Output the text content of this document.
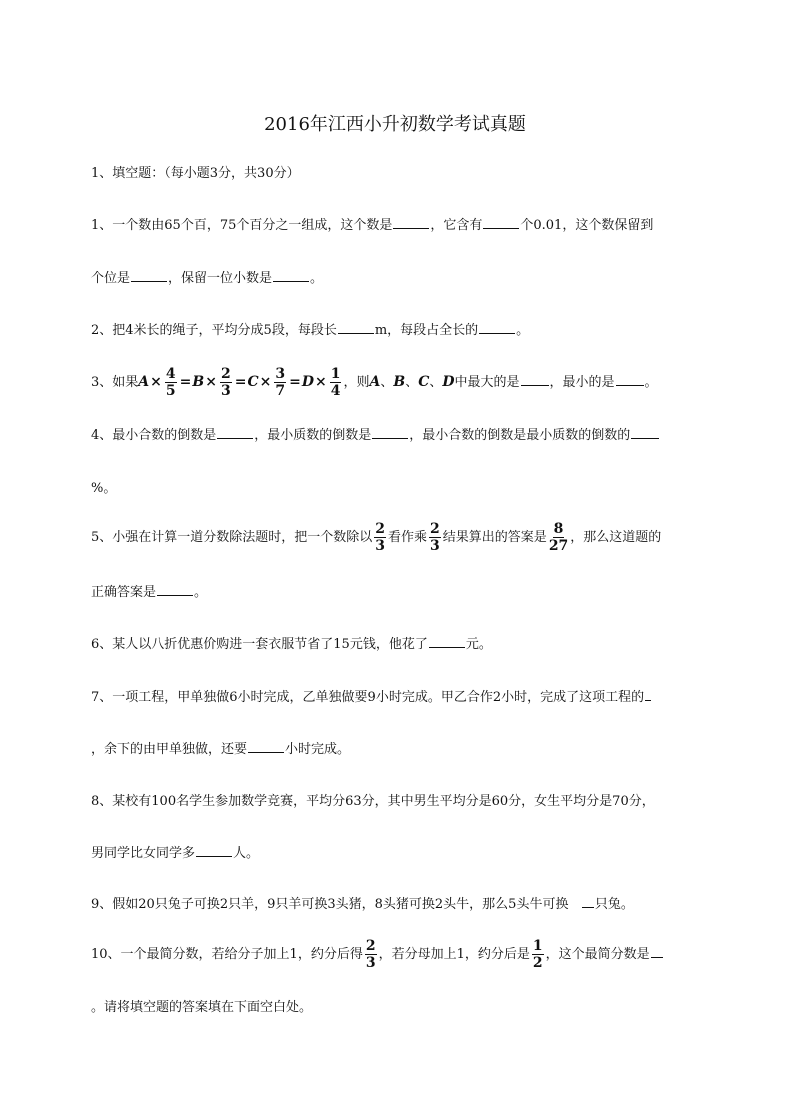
2016年江西小升初数学考试真题
1、填空题：（每小题3分，共30分）
1、一个数由65个百，75个百分之一组成，这个数是	，它含有	个0.01，这个数保留到
个位是	，保留一位小数是	。
2、把4米长的绳子，平均分成5段，每段长	m，每段占全长的	。
3、如果$A\times \frac{4}{5} =B\times \frac{2}{3} =C\times \frac{3}{7} =D\times \frac{1}{4}$ ，则A、B、C、D中最大的是 ，最小的是 。
4、最小合数的倒数是	，最小质数的倒数是	，最小合数的倒数是最小质数的倒数的
%。
5、小强在计算一道分数除法题时，把一个数除以 $\frac{2}{3}$ 看作乘 $\frac{2}{3}$ 结果算出的答案是 $\frac{8}{27}$ ，那么这道题的
正确答案是	。
6、某人以八折优惠价购进一套衣服节省了15元钱，他花了	元。
7、一项工程，甲单独做6小时完成，乙单独做要9小时完成。甲乙合作2小时，完成了这项工程的
，余下的由甲单独做，还要	小时完成。
8、某校有100名学生参加数学竞赛，平均分63分，其中男生平均分是60分，女生平均分是70分，
男同学比女同学多	人。
9、假如20只兔子可换2只羊，9只羊可换3头猪，8头猪可换2头牛，那么5头牛可换 只兔。
10、一个最简分数，若给分子加上1，约分后得 $\frac{2}{3}$ ，若分母加上1，约分后是 $\frac{1}{2}$ ，这个最简分数是
。请将填空题的答案填在下面空白处。
